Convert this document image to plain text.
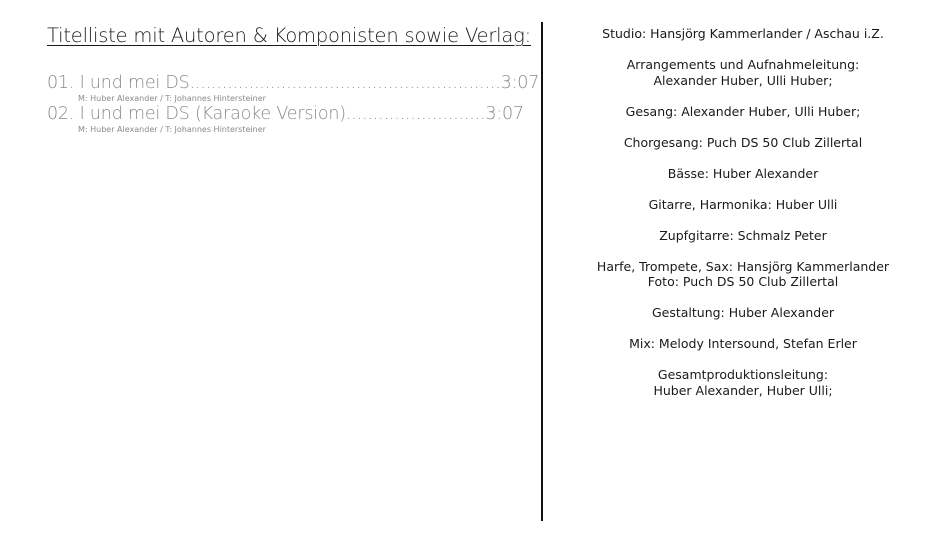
Titelliste mit Autoren & Komponisten sowie Verlag:
01. I und mei DS..........................................................3:07
M: Huber Alexander / T: Johannes Hintersteiner
02. I und mei DS (Karaoke Version)..........................3:07
M: Huber Alexander / T: Johannes Hintersteiner
Studio: Hansjörg Kammerlander / Aschau i.Z.
Arrangements und Aufnahmeleitung:
Alexander Huber, Ulli Huber;
Gesang: Alexander Huber, Ulli Huber;
Chorgesang: Puch DS 50 Club Zillertal
Bässe: Huber Alexander
Gitarre, Harmonika: Huber Ulli
Zupfgitarre: Schmalz Peter
Harfe, Trompete, Sax: Hansjörg Kammerlander
Foto: Puch DS 50 Club Zillertal
Gestaltung: Huber Alexander
Mix: Melody Intersound, Stefan Erler
Gesamtproduktionsleitung:
Huber Alexander, Huber Ulli;
